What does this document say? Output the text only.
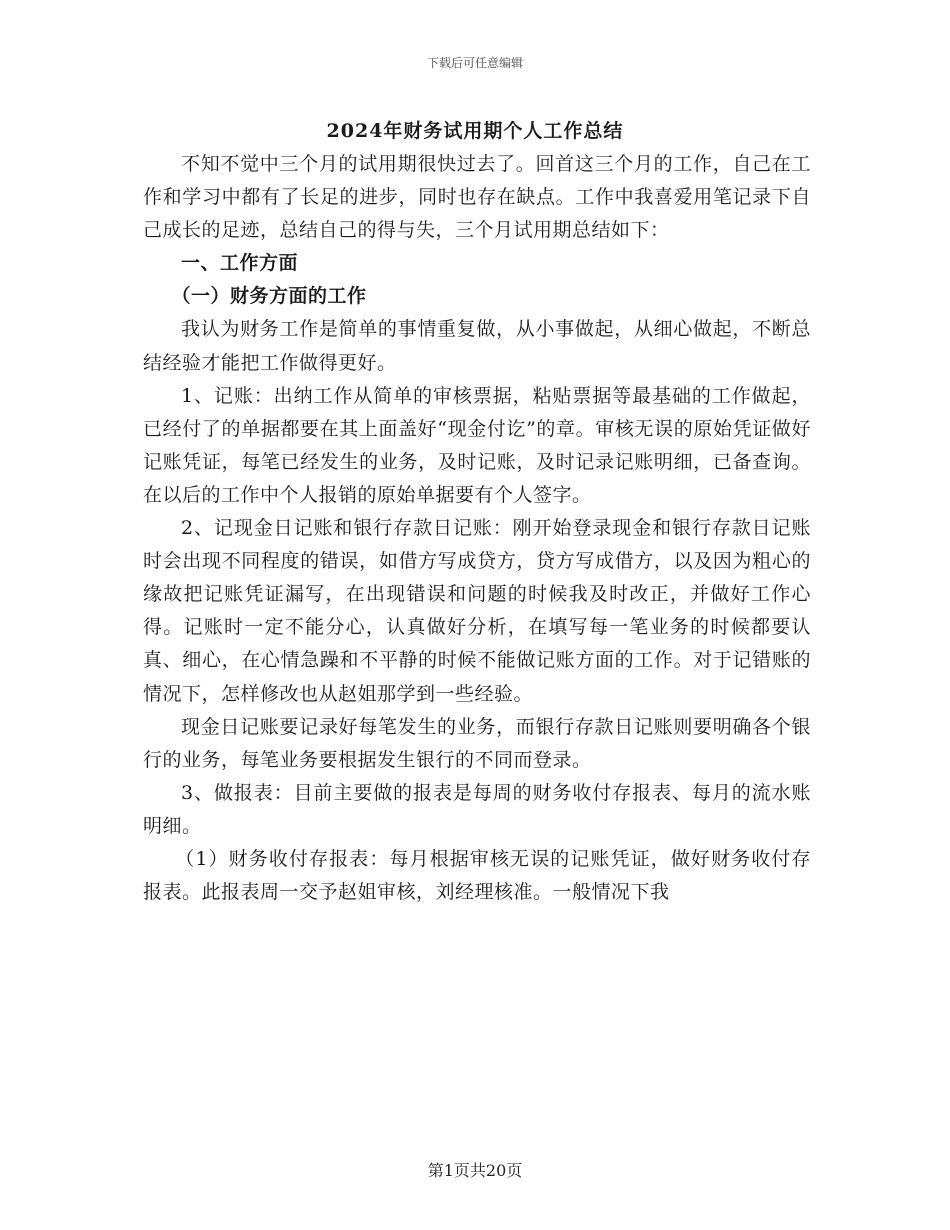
下载后可任意编辑
2024年财务试用期个人工作总结

不知不觉中三个月的试用期很快过去了。回首这三个月的工作，自己在工作和学习中都有了长足的进步，同时也存在缺点。工作中我喜爱用笔记录下自己成长的足迹，总结自己的得与失，三个月试用期总结如下：

一、工作方面

（一）财务方面的工作

我认为财务工作是简单的事情重复做，从小事做起，从细心做起，不断总结经验才能把工作做得更好。

1、记账：出纳工作从简单的审核票据，粘贴票据等最基础的工作做起，已经付了的单据都要在其上面盖好“现金付讫”的章。审核无误的原始凭证做好记账凭证，每笔已经发生的业务，及时记账，及时记录记账明细，已备查询。在以后的工作中个人报销的原始单据要有个人签字。

2、记现金日记账和银行存款日记账：刚开始登录现金和银行存款日记账时会出现不同程度的错误，如借方写成贷方，贷方写成借方，以及因为粗心的缘故把记账凭证漏写，在出现错误和问题的时候我及时改正，并做好工作心得。记账时一定不能分心，认真做好分析，在填写每一笔业务的时候都要认真、细心，在心情急躁和不平静的时候不能做记账方面的工作。对于记错账的情况下，怎样修改也从赵姐那学到一些经验。

现金日记账要记录好每笔发生的业务，而银行存款日记账则要明确各个银行的业务，每笔业务要根据发生银行的不同而登录。

3、做报表：目前主要做的报表是每周的财务收付存报表、每月的流水账明细。

（1）财务收付存报表：每月根据审核无误的记账凭证，做好财务收付存报表。此报表周一交予赵姐审核，刘经理核准。一般情况下我

第1页共20页
